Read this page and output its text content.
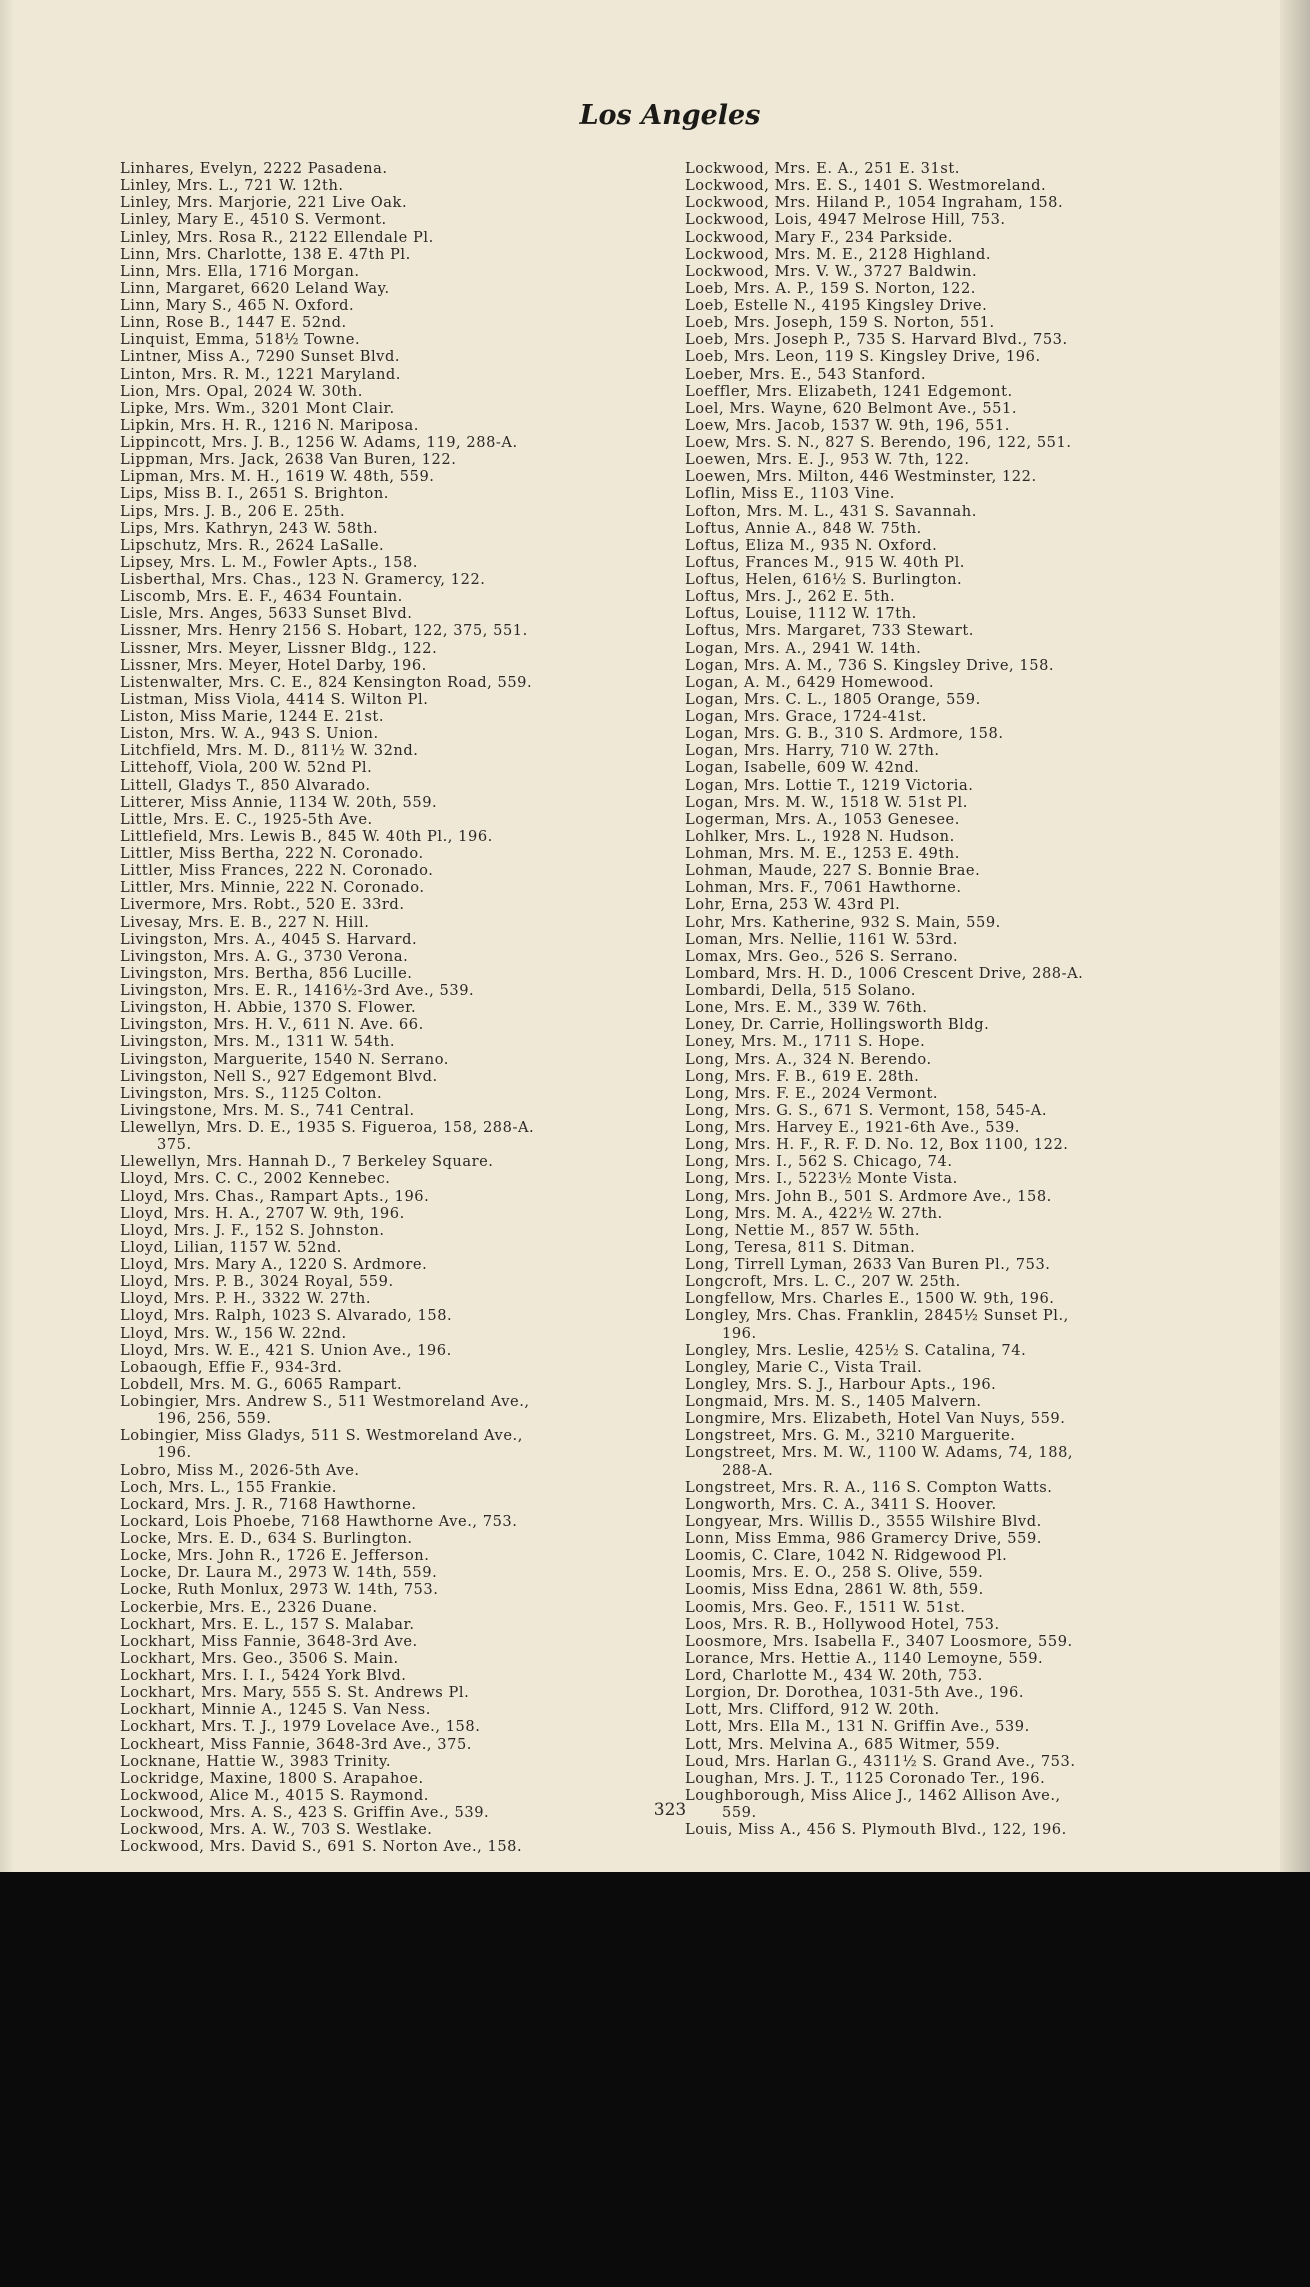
Los Angeles
Linhares, Evelyn, 2222 Pasadena.
Linley, Mrs. L., 721 W. 12th.
Linley, Mrs. Marjorie, 221 Live Oak.
Linley, Mary E., 4510 S. Vermont.
Linley, Mrs. Rosa R., 2122 Ellendale Pl.
Linn, Mrs. Charlotte, 138 E. 47th Pl.
Linn, Mrs. Ella, 1716 Morgan.
Linn, Margaret, 6620 Leland Way.
Linn, Mary S., 465 N. Oxford.
Linn, Rose B., 1447 E. 52nd.
Linquist, Emma, 518½ Towne.
Lintner, Miss A., 7290 Sunset Blvd.
Linton, Mrs. R. M., 1221 Maryland.
Lion, Mrs. Opal, 2024 W. 30th.
Lipke, Mrs. Wm., 3201 Mont Clair.
Lipkin, Mrs. H. R., 1216 N. Mariposa.
Lippincott, Mrs. J. B., 1256 W. Adams, 119, 288-A.
Lippman, Mrs. Jack, 2638 Van Buren, 122.
Lipman, Mrs. M. H., 1619 W. 48th, 559.
Lips, Miss B. I., 2651 S. Brighton.
Lips, Mrs. J. B., 206 E. 25th.
Lips, Mrs. Kathryn, 243 W. 58th.
Lipschutz, Mrs. R., 2624 LaSalle.
Lipsey, Mrs. L. M., Fowler Apts., 158.
Lisberthal, Mrs. Chas., 123 N. Gramercy, 122.
Liscomb, Mrs. E. F., 4634 Fountain.
Lisle, Mrs. Anges, 5633 Sunset Blvd.
Lissner, Mrs. Henry 2156 S. Hobart, 122, 375, 551.
Lissner, Mrs. Meyer, Lissner Bldg., 122.
Lissner, Mrs. Meyer, Hotel Darby, 196.
Listenwalter, Mrs. C. E., 824 Kensington Road, 559.
Listman, Miss Viola, 4414 S. Wilton Pl.
Liston, Miss Marie, 1244 E. 21st.
Liston, Mrs. W. A., 943 S. Union.
Litchfield, Mrs. M. D., 811½ W. 32nd.
Littehoff, Viola, 200 W. 52nd Pl.
Littell, Gladys T., 850 Alvarado.
Litterer, Miss Annie, 1134 W. 20th, 559.
Little, Mrs. E. C., 1925-5th Ave.
Littlefield, Mrs. Lewis B., 845 W. 40th Pl., 196.
Littler, Miss Bertha, 222 N. Coronado.
Littler, Miss Frances, 222 N. Coronado.
Littler, Mrs. Minnie, 222 N. Coronado.
Livermore, Mrs. Robt., 520 E. 33rd.
Livesay, Mrs. E. B., 227 N. Hill.
Livingston, Mrs. A., 4045 S. Harvard.
Livingston, Mrs. A. G., 3730 Verona.
Livingston, Mrs. Bertha, 856 Lucille.
Livingston, Mrs. E. R., 1416½-3rd Ave., 539.
Livingston, H. Abbie, 1370 S. Flower.
Livingston, Mrs. H. V., 611 N. Ave. 66.
Livingston, Mrs. M., 1311 W. 54th.
Livingston, Marguerite, 1540 N. Serrano.
Livingston, Nell S., 927 Edgemont Blvd.
Livingston, Mrs. S., 1125 Colton.
Livingstone, Mrs. M. S., 741 Central.
Llewellyn, Mrs. D. E., 1935 S. Figueroa, 158, 288-A.
375.
Llewellyn, Mrs. Hannah D., 7 Berkeley Square.
Lloyd, Mrs. C. C., 2002 Kennebec.
Lloyd, Mrs. Chas., Rampart Apts., 196.
Lloyd, Mrs. H. A., 2707 W. 9th, 196.
Lloyd, Mrs. J. F., 152 S. Johnston.
Lloyd, Lilian, 1157 W. 52nd.
Lloyd, Mrs. Mary A., 1220 S. Ardmore.
Lloyd, Mrs. P. B., 3024 Royal, 559.
Lloyd, Mrs. P. H., 3322 W. 27th.
Lloyd, Mrs. Ralph, 1023 S. Alvarado, 158.
Lloyd, Mrs. W., 156 W. 22nd.
Lloyd, Mrs. W. E., 421 S. Union Ave., 196.
Lobaough, Effie F., 934-3rd.
Lobdell, Mrs. M. G., 6065 Rampart.
Lobingier, Mrs. Andrew S., 511 Westmoreland Ave.,
196, 256, 559.
Lobingier, Miss Gladys, 511 S. Westmoreland Ave.,
196.
Lobro, Miss M., 2026-5th Ave.
Loch, Mrs. L., 155 Frankie.
Lockard, Mrs. J. R., 7168 Hawthorne.
Lockard, Lois Phoebe, 7168 Hawthorne Ave., 753.
Locke, Mrs. E. D., 634 S. Burlington.
Locke, Mrs. John R., 1726 E. Jefferson.
Locke, Dr. Laura M., 2973 W. 14th, 559.
Locke, Ruth Monlux, 2973 W. 14th, 753.
Lockerbie, Mrs. E., 2326 Duane.
Lockhart, Mrs. E. L., 157 S. Malabar.
Lockhart, Miss Fannie, 3648-3rd Ave.
Lockhart, Mrs. Geo., 3506 S. Main.
Lockhart, Mrs. I. I., 5424 York Blvd.
Lockhart, Mrs. Mary, 555 S. St. Andrews Pl.
Lockhart, Minnie A., 1245 S. Van Ness.
Lockhart, Mrs. T. J., 1979 Lovelace Ave., 158.
Lockheart, Miss Fannie, 3648-3rd Ave., 375.
Locknane, Hattie W., 3983 Trinity.
Lockridge, Maxine, 1800 S. Arapahoe.
Lockwood, Alice M., 4015 S. Raymond.
Lockwood, Mrs. A. S., 423 S. Griffin Ave., 539.
Lockwood, Mrs. A. W., 703 S. Westlake.
Lockwood, Mrs. David S., 691 S. Norton Ave., 158.
Lockwood, Mrs. E. A., 251 E. 31st.
Lockwood, Mrs. E. S., 1401 S. Westmoreland.
Lockwood, Mrs. Hiland P., 1054 Ingraham, 158.
Lockwood, Lois, 4947 Melrose Hill, 753.
Lockwood, Mary F., 234 Parkside.
Lockwood, Mrs. M. E., 2128 Highland.
Lockwood, Mrs. V. W., 3727 Baldwin.
Loeb, Mrs. A. P., 159 S. Norton, 122.
Loeb, Estelle N., 4195 Kingsley Drive.
Loeb, Mrs. Joseph, 159 S. Norton, 551.
Loeb, Mrs. Joseph P., 735 S. Harvard Blvd., 753.
Loeb, Mrs. Leon, 119 S. Kingsley Drive, 196.
Loeber, Mrs. E., 543 Stanford.
Loeffler, Mrs. Elizabeth, 1241 Edgemont.
Loel, Mrs. Wayne, 620 Belmont Ave., 551.
Loew, Mrs. Jacob, 1537 W. 9th, 196, 551.
Loew, Mrs. S. N., 827 S. Berendo, 196, 122, 551.
Loewen, Mrs. E. J., 953 W. 7th, 122.
Loewen, Mrs. Milton, 446 Westminster, 122.
Loflin, Miss E., 1103 Vine.
Lofton, Mrs. M. L., 431 S. Savannah.
Loftus, Annie A., 848 W. 75th.
Loftus, Eliza M., 935 N. Oxford.
Loftus, Frances M., 915 W. 40th Pl.
Loftus, Helen, 616½ S. Burlington.
Loftus, Mrs. J., 262 E. 5th.
Loftus, Louise, 1112 W. 17th.
Loftus, Mrs. Margaret, 733 Stewart.
Logan, Mrs. A., 2941 W. 14th.
Logan, Mrs. A. M., 736 S. Kingsley Drive, 158.
Logan, A. M., 6429 Homewood.
Logan, Mrs. C. L., 1805 Orange, 559.
Logan, Mrs. Grace, 1724-41st.
Logan, Mrs. G. B., 310 S. Ardmore, 158.
Logan, Mrs. Harry, 710 W. 27th.
Logan, Isabelle, 609 W. 42nd.
Logan, Mrs. Lottie T., 1219 Victoria.
Logan, Mrs. M. W., 1518 W. 51st Pl.
Logerman, Mrs. A., 1053 Genesee.
Lohlker, Mrs. L., 1928 N. Hudson.
Lohman, Mrs. M. E., 1253 E. 49th.
Lohman, Maude, 227 S. Bonnie Brae.
Lohman, Mrs. F., 7061 Hawthorne.
Lohr, Erna, 253 W. 43rd Pl.
Lohr, Mrs. Katherine, 932 S. Main, 559.
Loman, Mrs. Nellie, 1161 W. 53rd.
Lomax, Mrs. Geo., 526 S. Serrano.
Lombard, Mrs. H. D., 1006 Crescent Drive, 288-A.
Lombardi, Della, 515 Solano.
Lone, Mrs. E. M., 339 W. 76th.
Loney, Dr. Carrie, Hollingsworth Bldg.
Loney, Mrs. M., 1711 S. Hope.
Long, Mrs. A., 324 N. Berendo.
Long, Mrs. F. B., 619 E. 28th.
Long, Mrs. F. E., 2024 Vermont.
Long, Mrs. G. S., 671 S. Vermont, 158, 545-A.
Long, Mrs. Harvey E., 1921-6th Ave., 539.
Long, Mrs. H. F., R. F. D. No. 12, Box 1100, 122.
Long, Mrs. I., 562 S. Chicago, 74.
Long, Mrs. I., 5223½ Monte Vista.
Long, Mrs. John B., 501 S. Ardmore Ave., 158.
Long, Mrs. M. A., 422½ W. 27th.
Long, Nettie M., 857 W. 55th.
Long, Teresa, 811 S. Ditman.
Long, Tirrell Lyman, 2633 Van Buren Pl., 753.
Longcroft, Mrs. L. C., 207 W. 25th.
Longfellow, Mrs. Charles E., 1500 W. 9th, 196.
Longley, Mrs. Chas. Franklin, 2845½ Sunset Pl.,
196.
Longley, Mrs. Leslie, 425½ S. Catalina, 74.
Longley, Marie C., Vista Trail.
Longley, Mrs. S. J., Harbour Apts., 196.
Longmaid, Mrs. M. S., 1405 Malvern.
Longmire, Mrs. Elizabeth, Hotel Van Nuys, 559.
Longstreet, Mrs. G. M., 3210 Marguerite.
Longstreet, Mrs. M. W., 1100 W. Adams, 74, 188,
288-A.
Longstreet, Mrs. R. A., 116 S. Compton Watts.
Longworth, Mrs. C. A., 3411 S. Hoover.
Longyear, Mrs. Willis D., 3555 Wilshire Blvd.
Lonn, Miss Emma, 986 Gramercy Drive, 559.
Loomis, C. Clare, 1042 N. Ridgewood Pl.
Loomis, Mrs. E. O., 258 S. Olive, 559.
Loomis, Miss Edna, 2861 W. 8th, 559.
Loomis, Mrs. Geo. F., 1511 W. 51st.
Loos, Mrs. R. B., Hollywood Hotel, 753.
Loosmore, Mrs. Isabella F., 3407 Loosmore, 559.
Lorance, Mrs. Hettie A., 1140 Lemoyne, 559.
Lord, Charlotte M., 434 W. 20th, 753.
Lorgion, Dr. Dorothea, 1031-5th Ave., 196.
Lott, Mrs. Clifford, 912 W. 20th.
Lott, Mrs. Ella M., 131 N. Griffin Ave., 539.
Lott, Mrs. Melvina A., 685 Witmer, 559.
Loud, Mrs. Harlan G., 4311½ S. Grand Ave., 753.
Loughan, Mrs. J. T., 1125 Coronado Ter., 196.
Loughborough, Miss Alice J., 1462 Allison Ave.,
559.
Louis, Miss A., 456 S. Plymouth Blvd., 122, 196.
323
